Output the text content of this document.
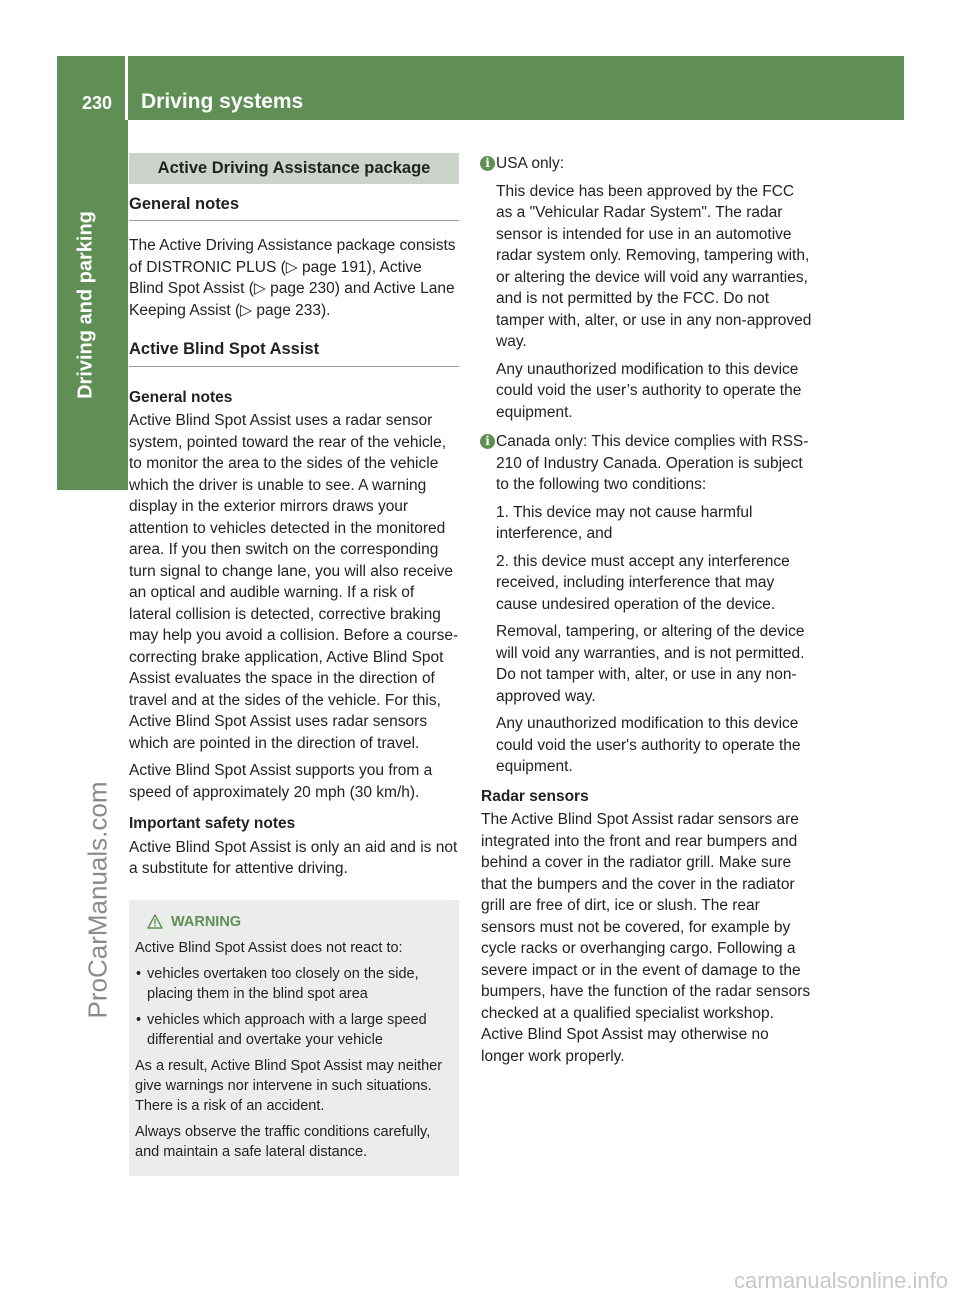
230 Driving systems
Driving and parking
ProCarManuals.com
carmanualsonline.info
Active Driving Assistance package
General notes

The Active Driving Assistance package consists of DISTRONIC PLUS (▷ page 191), Active Blind Spot Assist (▷ page 230) and Active Lane Keeping Assist (▷ page 233).

Active Blind Spot Assist
General notes

Active Blind Spot Assist uses a radar sensor system, pointed toward the rear of the vehicle, to monitor the area to the sides of the vehicle which the driver is unable to see. A warning display in the exterior mirrors draws your attention to vehicles detected in the monitored area. If you then switch on the corresponding turn signal to change lane, you will also receive an optical and audible warning. If a risk of lateral collision is detected, corrective braking may help you avoid a collision. Before a course-correcting brake application, Active Blind Spot Assist evaluates the space in the direction of travel and at the sides of the vehicle. For this, Active Blind Spot Assist uses radar sensors which are pointed in the direction of travel.

Active Blind Spot Assist supports you from a speed of approximately 20 mph (30 km/h).

Important safety notes

Active Blind Spot Assist is only an aid and is not a substitute for attentive driving.

WARNING

Active Blind Spot Assist does not react to:

• vehicles overtaken too closely on the side, placing them in the blind spot area
• vehicles which approach with a large speed differential and overtake your vehicle

As a result, Active Blind Spot Assist may neither give warnings nor intervene in such situations. There is a risk of an accident.

Always observe the traffic conditions carefully, and maintain a safe lateral distance.

i USA only:

This device has been approved by the FCC as a "Vehicular Radar System". The radar sensor is intended for use in an automotive radar system only. Removing, tampering with, or altering the device will void any warranties, and is not permitted by the FCC. Do not tamper with, alter, or use in any non-approved way.

Any unauthorized modification to this device could void the user’s authority to operate the equipment.

i Canada only: This device complies with RSS-210 of Industry Canada. Operation is subject to the following two conditions:

1. This device may not cause harmful interference, and

2. this device must accept any interference received, including interference that may cause undesired operation of the device.

Removal, tampering, or altering of the device will void any warranties, and is not permitted. Do not tamper with, alter, or use in any non-approved way.

Any unauthorized modification to this device could void the user's authority to operate the equipment.

Radar sensors

The Active Blind Spot Assist radar sensors are integrated into the front and rear bumpers and behind a cover in the radiator grill. Make sure that the bumpers and the cover in the radiator grill are free of dirt, ice or slush. The rear sensors must not be covered, for example by cycle racks or overhanging cargo. Following a severe impact or in the event of damage to the bumpers, have the function of the radar sensors checked at a qualified specialist workshop. Active Blind Spot Assist may otherwise no longer work properly.
